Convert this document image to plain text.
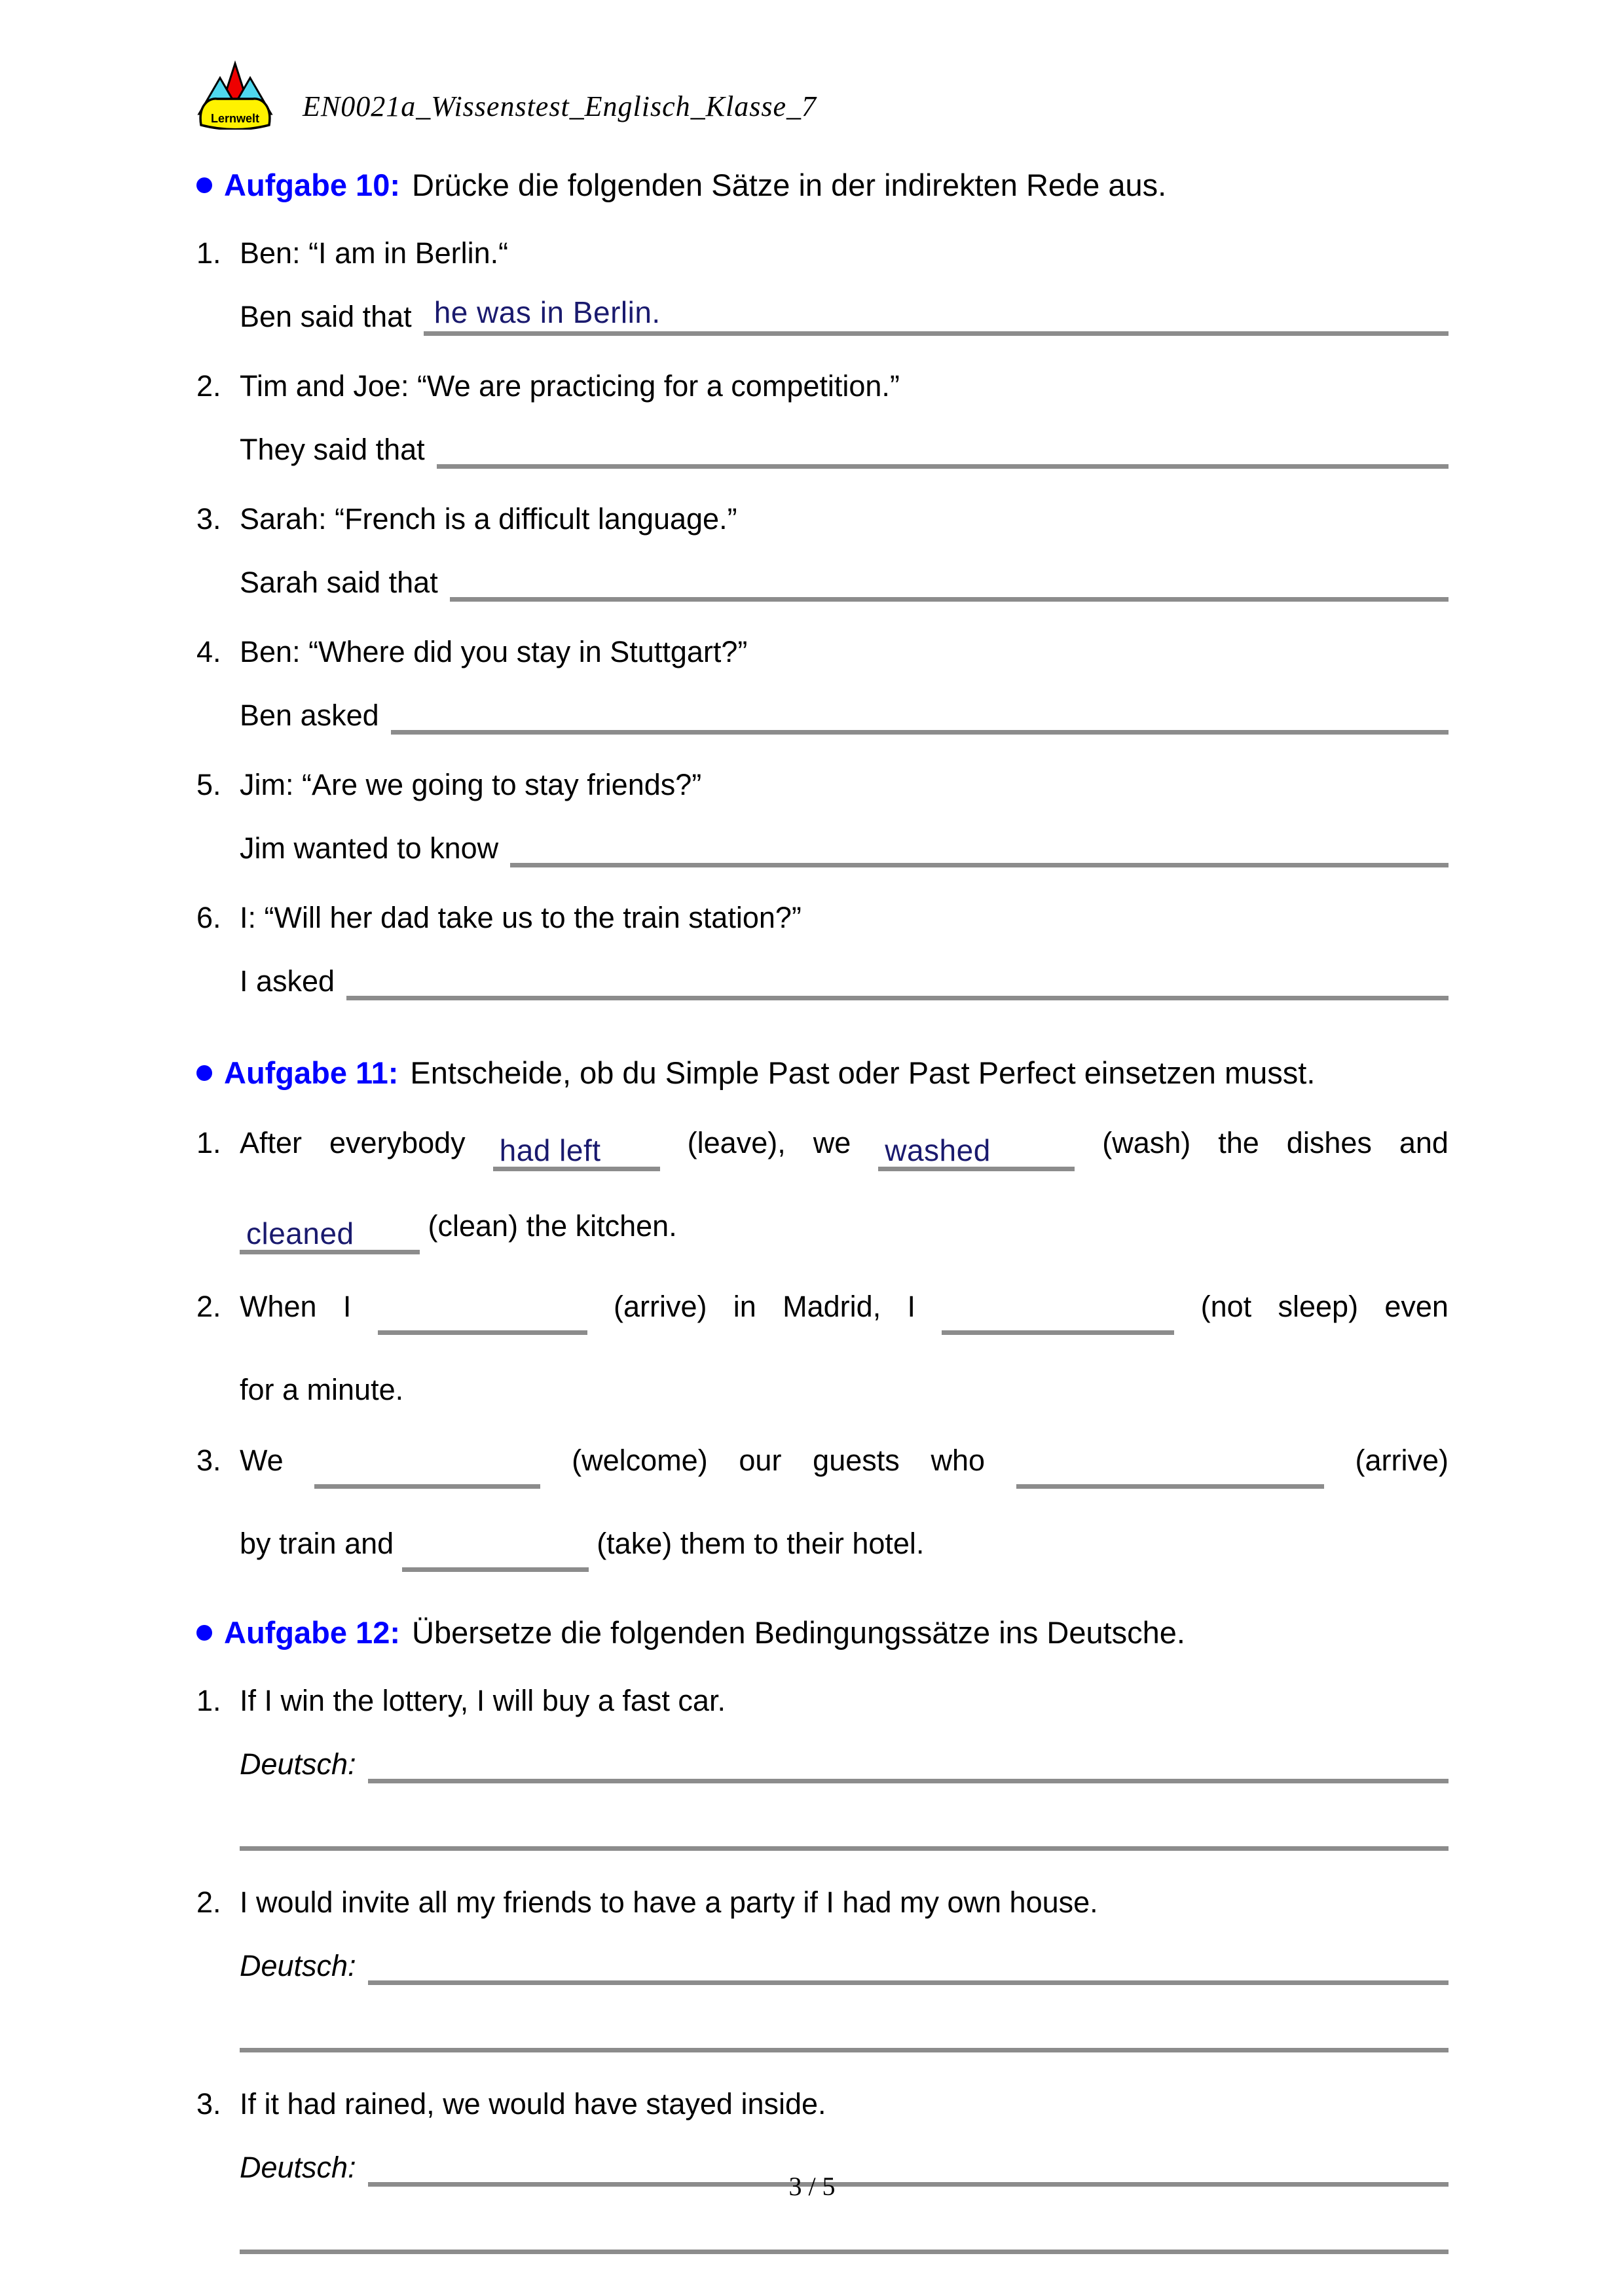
Lernwelt EN0021a_Wissenstest_Englisch_Klasse_7
Aufgabe 10: Drücke die folgenden Sätze in der indirekten Rede aus.
1. Ben: “I am in Berlin.“
Ben said that he was in Berlin.
2. Tim and Joe: “We are practicing for a competition.”
They said that
3. Sarah: “French is a difficult language.”
Sarah said that
4. Ben: “Where did you stay in Stuttgart?”
Ben asked
5. Jim: “Are we going to stay friends?”
Jim wanted to know
6. I: “Will her dad take us to the train station?”
I asked
Aufgabe 11: Entscheide, ob du Simple Past oder Past Perfect einsetzen musst.
1. After everybody had left	(leave), we washed	(wash) the dishes and
cleaned	(clean) the kitchen.
2. When I	(arrive) in Madrid, I	(not sleep) even
for a minute.
3. We	(welcome) our guests who	(arrive)
by train and	(take) them to their hotel.
Aufgabe 12: Übersetze die folgenden Bedingungssätze ins Deutsche.
1. If I win the lottery, I will buy a fast car.
Deutsch:
2. I would invite all my friends to have a party if I had my own house.
Deutsch:
3. If it had rained, we would have stayed inside.
Deutsch:
3 / 5
